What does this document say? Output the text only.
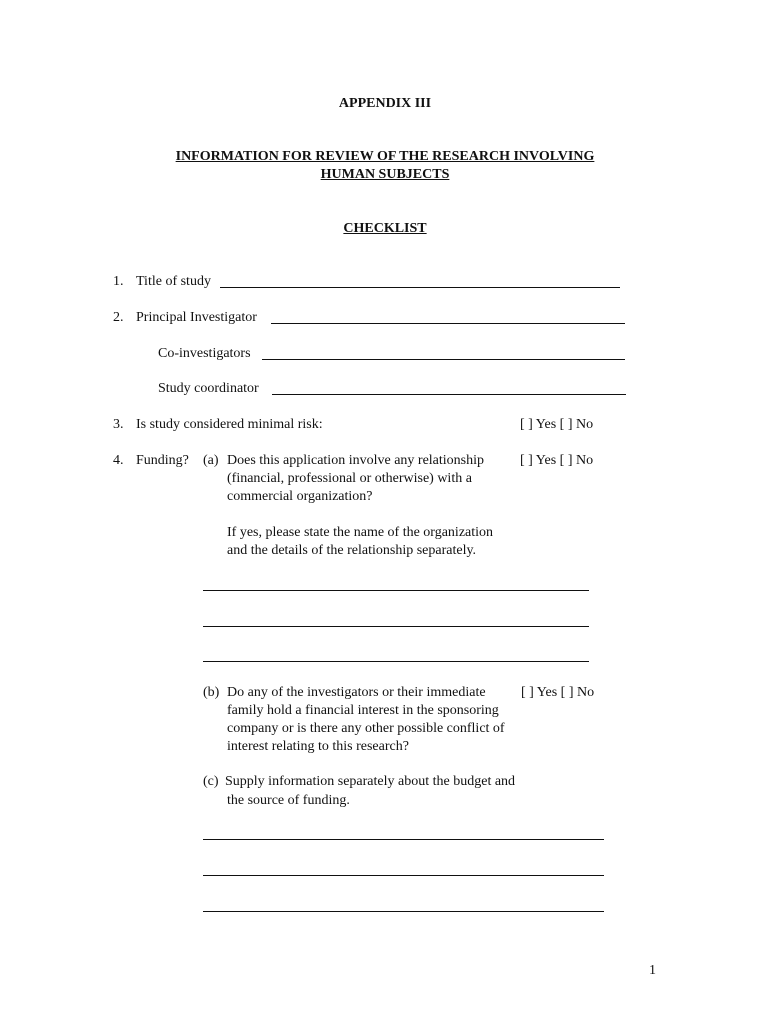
APPENDIX III
INFORMATION FOR REVIEW OF THE RESEARCH INVOLVING
HUMAN SUBJECTS
CHECKLIST
1. Title of study
2. Principal Investigator
Co-investigators
Study coordinator
3. Is study considered minimal risk:	[ ] Yes [ ] No
4. Funding? (a) Does this application involve any relationship
(financial, professional or otherwise) with a
commercial organization?
[ ] Yes [ ] No
If yes, please state the name of the organization
and the details of the relationship separately.
(b) Do any of the investigators or their immediate
family hold a financial interest in the sponsoring
company or is there any other possible conflict of
interest relating to this research?
[ ] Yes [ ] No
(c) Supply information separately about the budget and
the source of funding.
1
